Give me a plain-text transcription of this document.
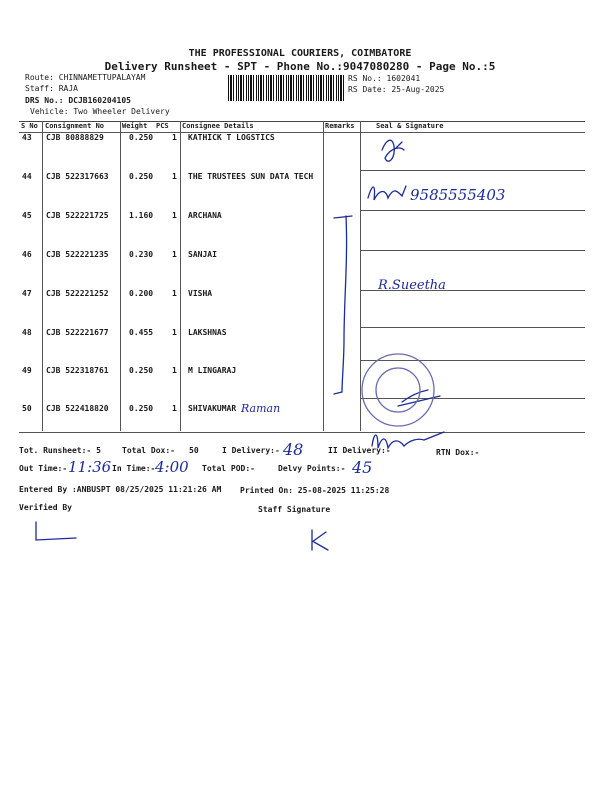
THE PROFESSIONAL COURIERS, COIMBATORE
Delivery Runsheet - SPT - Phone No.:9047080280 - Page No.:5
Route: CHINNAMETTUPALAYAM
Staff: RAJA
DRS No.: DCJB160204105
Vehicle: Two Wheeler Delivery
RS No.: 1602041
RS Date: 25-Aug-2025
S No Consignment No	Weight PCS Consignee Details	Remarks	Seal & Signature
43 CJB 80888829	0.250 1 KATHICK T LOGSTICS
44 CJB 522317663	0.250 1 THE TRUSTEES SUN DATA TECH
45 CJB 522221725	1.160 1 ARCHANA
46 CJB 522221235	0.230 1 SANJAI
47 CJB 522221252	0.200 1 VISHA
48 CJB 522221677	0.455 1 LAKSHNAS
49 CJB 522318761	0.250 1 M LINGARAJ
50 CJB 522418820	0.250 1 SHIVAKUMAR
9585555403
R.Sueetha
Raman
Tot. Runsheet:- 5	Total Dox:- 50	I Delivery:- 48	II Delivery:-	RTN Dox:-
Out Time:- 11:36 In Time:- 4:00 Total POD:-	Delvy Points:- 45
Entered By :ANBUSPT 08/25/2025 11:21:26 AM Printed On: 25-08-2025 11:25:28
Verified By	Staff Signature
